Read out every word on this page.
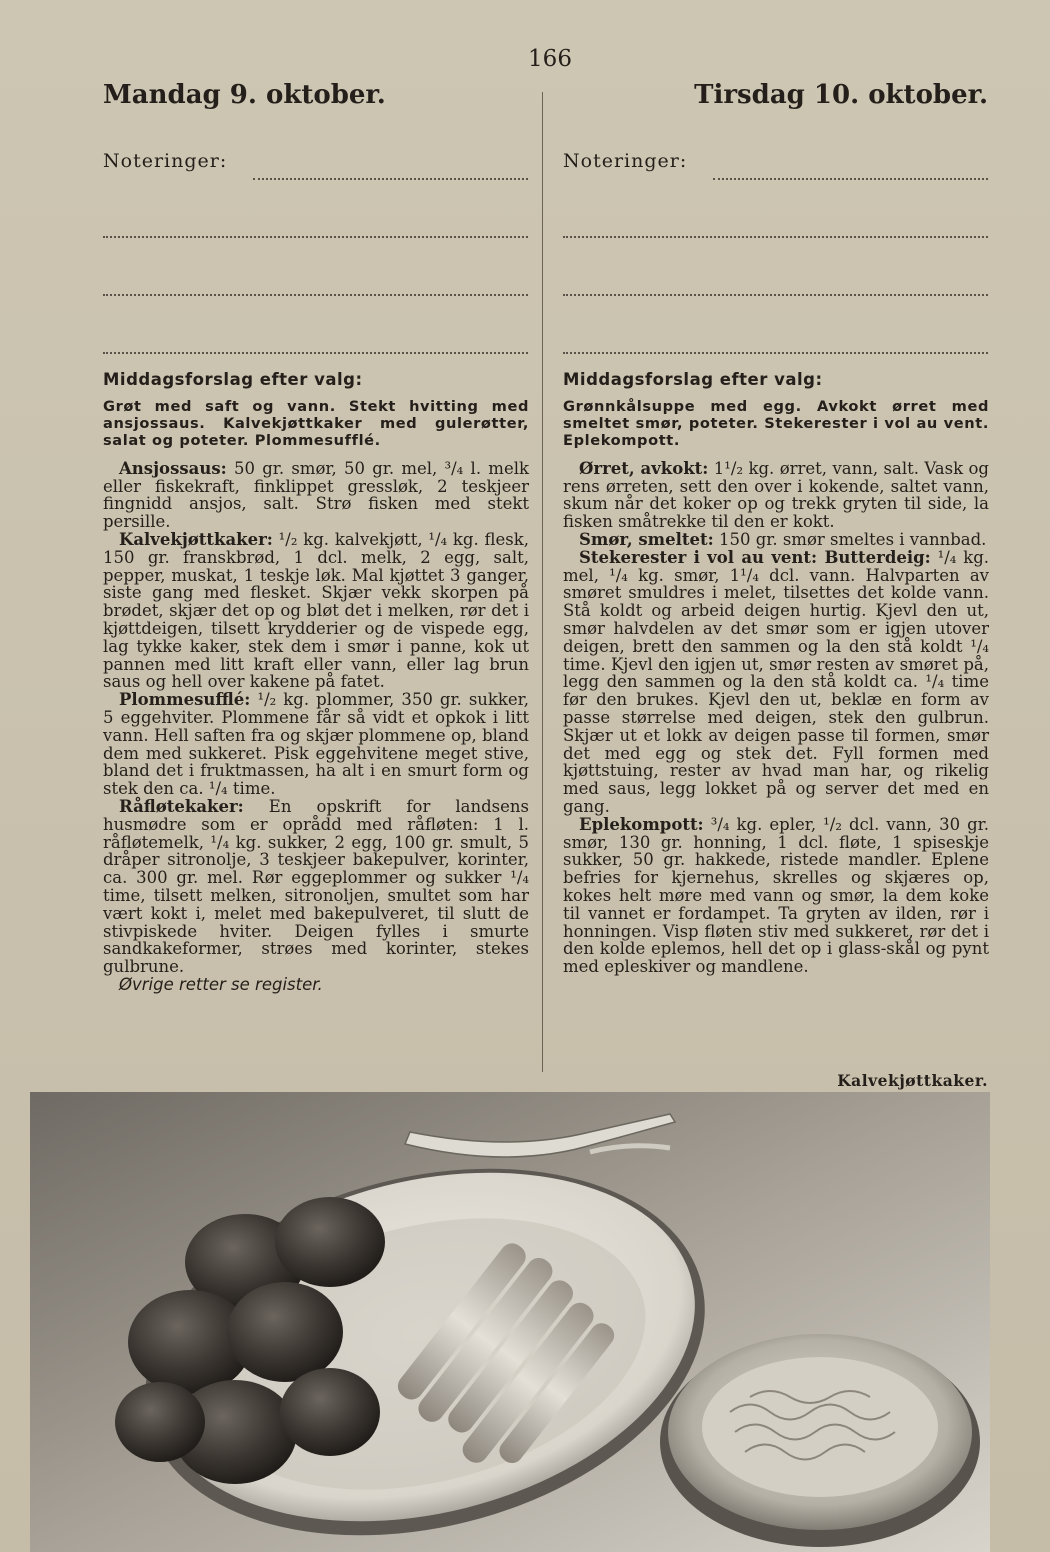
166
Mandag 9. oktober.	Tirsdag 10. oktober.
Noteringer:	Noteringer:
Middagsforslag efter valg:
Grøt med saft og vann. Stekt hvitting med ansjossaus. Kalvekjøttkaker med gulerøtter, salat og poteter. Plommesufflé.

Ansjossaus: 50 gr. smør, 50 gr. mel, ³/₄ l. melk eller fiskekraft, finklippet gressløk, 2 teskjeer fingnidd ansjos, salt. Strø fisken med stekt persille.

Kalvekjøttkaker: ¹/₂ kg. kalvekjøtt, ¹/₄ kg. flesk, 150 gr. franskbrød, 1 dcl. melk, 2 egg, salt, pepper, muskat, 1 teskje løk. Mal kjøttet 3 ganger, siste gang med flesket. Skjær vekk skorpen på brødet, skjær det op og bløt det i melken, rør det i kjøttdeigen, tilsett krydderier og de vispede egg, lag tykke kaker, stek dem i smør i panne, kok ut pannen med litt kraft eller vann, eller lag brun saus og hell over kakene på fatet.

Plommesufflé: ¹/₂ kg. plommer, 350 gr. sukker, 5 eggehviter. Plommene får så vidt et opkok i litt vann. Hell saften fra og skjær plommene op, bland dem med sukkeret. Pisk eggehvitene meget stive, bland det i fruktmassen, ha alt i en smurt form og stek den ca. ¹/₄ time.

Råfløtekaker: En opskrift for landsens husmødre som er oprådd med råfløten: 1 l. råfløtemelk, ¹/₄ kg. sukker, 2 egg, 100 gr. smult, 5 dråper sitronolje, 3 teskjeer bakepulver, korinter, ca. 300 gr. mel. Rør eggeplommer og sukker ¹/₄ time, tilsett melken, sitronoljen, smultet som har vært kokt i, melet med bakepulveret, til slutt de stivpiskede hviter. Deigen fylles i smurte sandkakeformer, strøes med korinter, stekes gulbrune.

Øvrige retter se register.

Middagsforslag efter valg:
Grønnkålsuppe med egg. Avkokt ørret med smeltet smør, poteter. Stekerester i vol au vent. Eplekompott.

Ørret, avkokt: 1¹/₂ kg. ørret, vann, salt. Vask og rens ørreten, sett den over i kokende, saltet vann, skum når det koker op og trekk gryten til side, la fisken småtrekke til den er kokt.

Smør, smeltet: 150 gr. smør smeltes i vannbad.

Stekerester i vol au vent: Butterdeig: ¹/₄ kg. mel, ¹/₄ kg. smør, 1¹/₄ dcl. vann. Halvparten av smøret smuldres i melet, tilsettes det kolde vann. Stå koldt og arbeid deigen hurtig. Kjevl den ut, smør halvdelen av det smør som er igjen utover deigen, brett den sammen og la den stå koldt ¹/₄ time. Kjevl den igjen ut, smør resten av smøret på, legg den sammen og la den stå koldt ca. ¹/₄ time før den brukes. Kjevl den ut, beklæ en form av passe størrelse med deigen, stek den gulbrun. Skjær ut et lokk av deigen passe til formen, smør det med egg og stek det. Fyll formen med kjøttstuing, rester av hvad man har, og rikelig med saus, legg lokket på og server det med en gang.

Eplekompott: ³/₄ kg. epler, ¹/₂ dcl. vann, 30 gr. smør, 130 gr. honning, 1 dcl. fløte, 1 spiseskje sukker, 50 gr. hakkede, ristede mandler. Eplene befries for kjernehus, skrelles og skjæres op, kokes helt møre med vann og smør, la dem koke til vannet er fordampet. Ta gryten av ilden, rør i honningen. Visp fløten stiv med sukkeret, rør det i den kolde eplemos, hell det op i glass-skål og pynt med epleskiver og mandlene.

Kalvekjøttkaker.
